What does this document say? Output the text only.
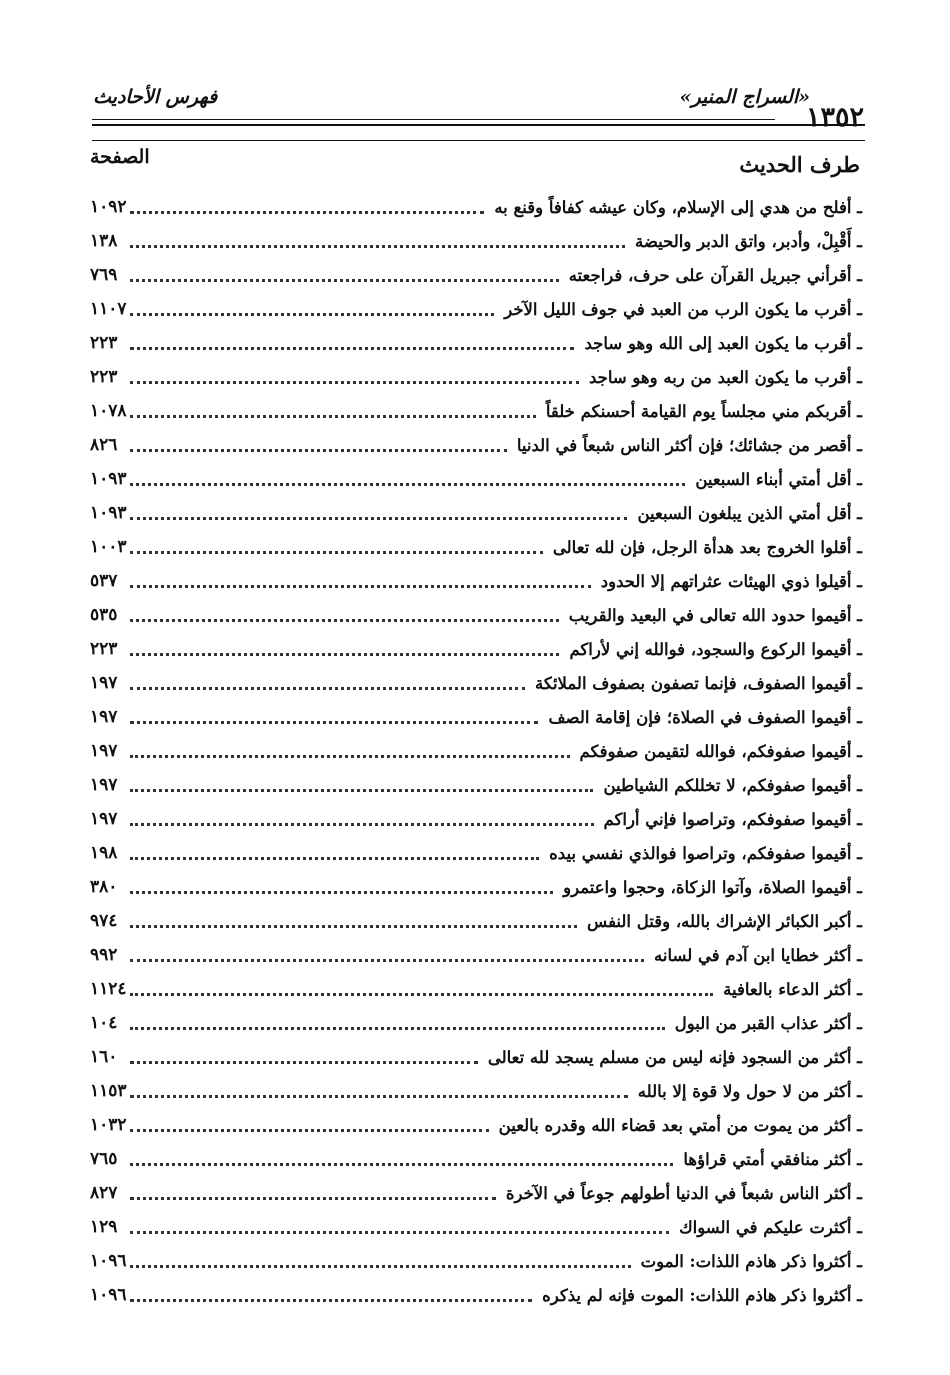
«السراج المنير»
١٣٥٢
فهرس الأحاديث
طرف الحديث
الصفحة
ـ أفلح من هدي إلى الإسلام، وكان عيشه كفافاً وقنع به
١٠٩٢
ـ أَقْبِلْ، وأدبر، واتق الدبر والحيضة
١٣٨
ـ أقرأني جبريل القرآن على حرف، فراجعته
٧٦٩
ـ أقرب ما يكون الرب من العبد في جوف الليل الآخر
١١٠٧
ـ أقرب ما يكون العبد إلى الله وهو ساجد
٢٢٣
ـ أقرب ما يكون العبد من ربه وهو ساجد
٢٢٣
ـ أقربكم مني مجلساً يوم القيامة أحسنكم خلقاً
١٠٧٨
ـ أقصر من جشائك؛ فإن أكثر الناس شبعاً في الدنيا
٨٢٦
ـ أقل أمتي أبناء السبعين
١٠٩٣
ـ أقل أمتي الذين يبلغون السبعين
١٠٩٣
ـ أقلوا الخروج بعد هدأة الرجل، فإن لله تعالى
١٠٠٣
ـ أقيلوا ذوي الهيئات عثراتهم إلا الحدود
٥٣٧
ـ أقيموا حدود الله تعالى في البعيد والقريب
٥٣٥
ـ أقيموا الركوع والسجود، فوالله إني لأراكم
٢٢٣
ـ أقيموا الصفوف، فإنما تصفون بصفوف الملائكة
١٩٧
ـ أقيموا الصفوف في الصلاة؛ فإن إقامة الصف
١٩٧
ـ أقيموا صفوفكم، فوالله لتقيمن صفوفكم
١٩٧
ـ أقيموا صفوفكم، لا تخللكم الشياطين
١٩٧
ـ أقيموا صفوفكم، وتراصوا فإني أراكم
١٩٧
ـ أقيموا صفوفكم، وتراصوا فوالذي نفسي بيده
١٩٨
ـ أقيموا الصلاة، وآتوا الزكاة، وحجوا واعتمرو
٣٨٠
ـ أكبر الكبائر الإشراك بالله، وقتل النفس
٩٧٤
ـ أكثر خطايا ابن آدم في لسانه
٩٩٢
ـ أكثر الدعاء بالعافية
١١٢٤
ـ أكثر عذاب القبر من البول
١٠٤
ـ أكثر من السجود فإنه ليس من مسلم يسجد لله تعالى
١٦٠
ـ أكثر من لا حول ولا قوة إلا بالله
١١٥٣
ـ أكثر من يموت من أمتي بعد قضاء الله وقدره بالعين
١٠٣٢
ـ أكثر منافقي أمتي قراؤها
٧٦٥
ـ أكثر الناس شبعاً في الدنيا أطولهم جوعاً في الآخرة
٨٢٧
ـ أكثرت عليكم في السواك
١٢٩
ـ أكثروا ذكر هاذم اللذات: الموت
١٠٩٦
ـ أكثروا ذكر هاذم اللذات: الموت فإنه لم يذكره
١٠٩٦
